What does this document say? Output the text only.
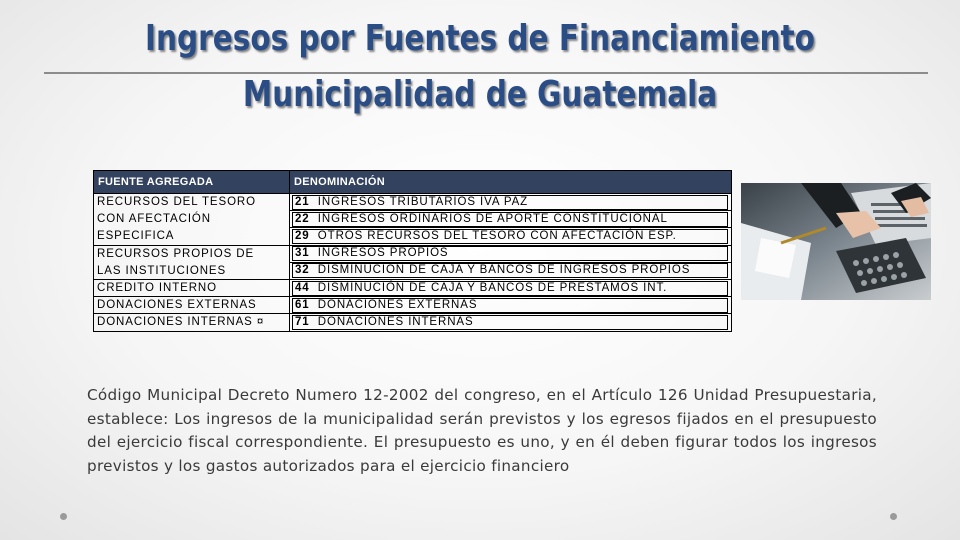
Ingresos por Fuentes de Financiamiento
Municipalidad de Guatemala
FUENTE AGREGADA	DENOMINACIÓN
RECURSOS DEL TESORO	21 INGRESOS TRIBUTARIOS IVA PAZ

CON AFECTACIÓN	22 INGRESOS ORDINARIOS DE APORTE CONSTITUCIONAL

ESPECIFICA	29 OTROS RECURSOS DEL TESORO CON AFECTACIÓN ESP.

RECURSOS PROPIOS DE	31 INGRESOS PROPIOS

LAS INSTITUCIONES	32 DISMINUCIÓN DE CAJA Y BANCOS DE INGRESOS PROPIOS

CREDITO INTERNO	44 DISMINUCIÓN DE CAJA Y BANCOS DE PRESTAMOS INT.

DONACIONES EXTERNAS	61 DONACIONES EXTERNAS

DONACIONES INTERNAS ¤	71 DONACIONES INTERNAS
Código Municipal Decreto Numero 12-2002 del congreso, en el Artículo 126 Unidad Presupuestaria, establece: Los ingresos de la municipalidad serán previstos y los egresos fijados en el presupuesto del ejercicio fiscal correspondiente. El presupuesto es uno, y en él deben figurar todos los ingresos previstos y los gastos autorizados para el ejercicio financiero
